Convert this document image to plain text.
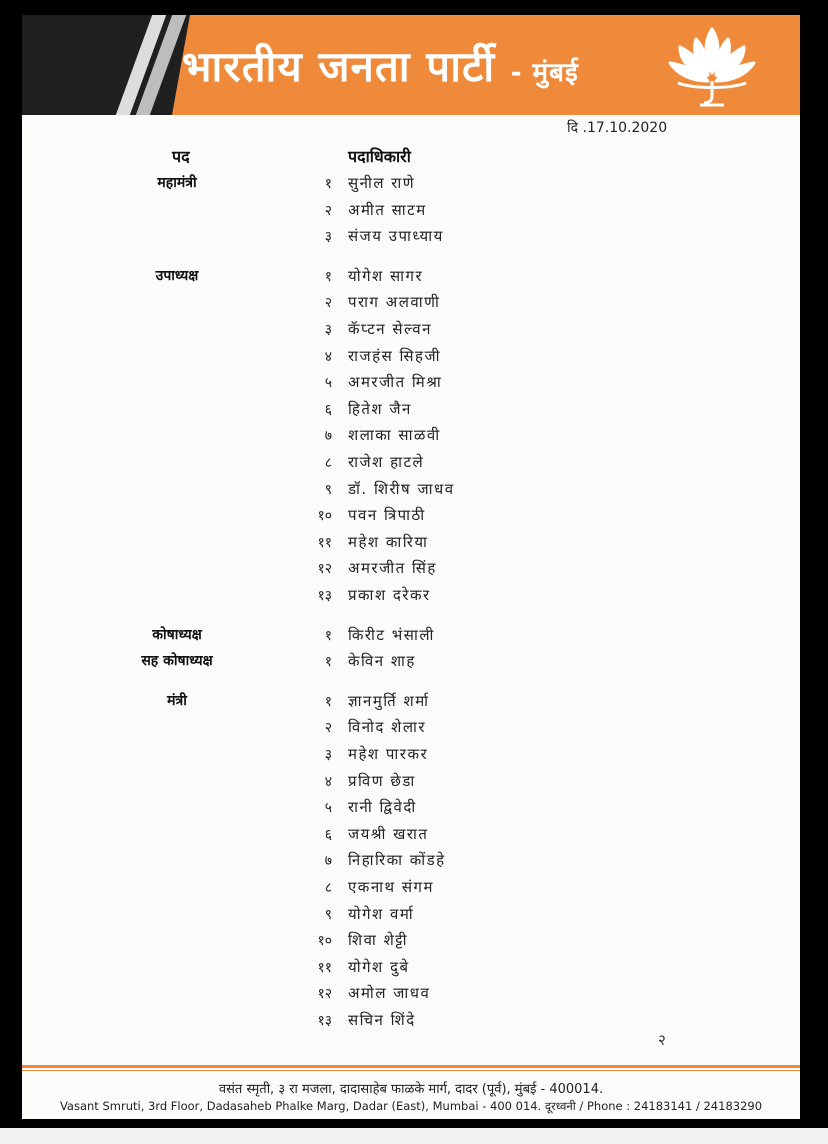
भारतीय जनता पार्टी - मुंबई
दि .17.10.2020
पद	पदाधिकारी
महामंत्री	१ सुनील राणे
२ अमीत साटम
३ संजय उपाध्याय
उपाध्यक्ष	१ योगेश सागर
२ पराग अलवाणी
३ कॅप्टन सेल्वन
४ राजहंस सिहजी
५ अमरजीत मिश्रा
६ हितेश जैन
७ शलाका साळवी
८ राजेश हाटले
९ डॉ. शिरीष जाधव
१० पवन त्रिपाठी
११ महेश कारिया
१२ अमरजीत सिंह
१३ प्रकाश दरेकर
कोषाध्यक्ष	१ किरीट भंसाली
सह कोषाध्यक्ष	१ केविन शाह
मंत्री	१ ज्ञानमुर्ति शर्मा
२ विनोद शेलार
३ महेश पारकर
४ प्रविण छेडा
५ रानी द्विवेदी
६ जयश्री खरात
७ निहारिका कोंडहे
८ एकनाथ संगम
९ योगेश वर्मा
१० शिवा शेट्टी
११ योगेश दुबे
१२ अमोल जाधव
१३ सचिन शिंदे
२
वसंत स्मृती, ३ रा मजला, दादासाहेब फाळके मार्ग, दादर (पूर्व), मुंबई - 400014.
Vasant Smruti, 3rd Floor, Dadasaheb Phalke Marg, Dadar (East), Mumbai - 400 014. दूरध्वनी / Phone : 24183141 / 24183290
